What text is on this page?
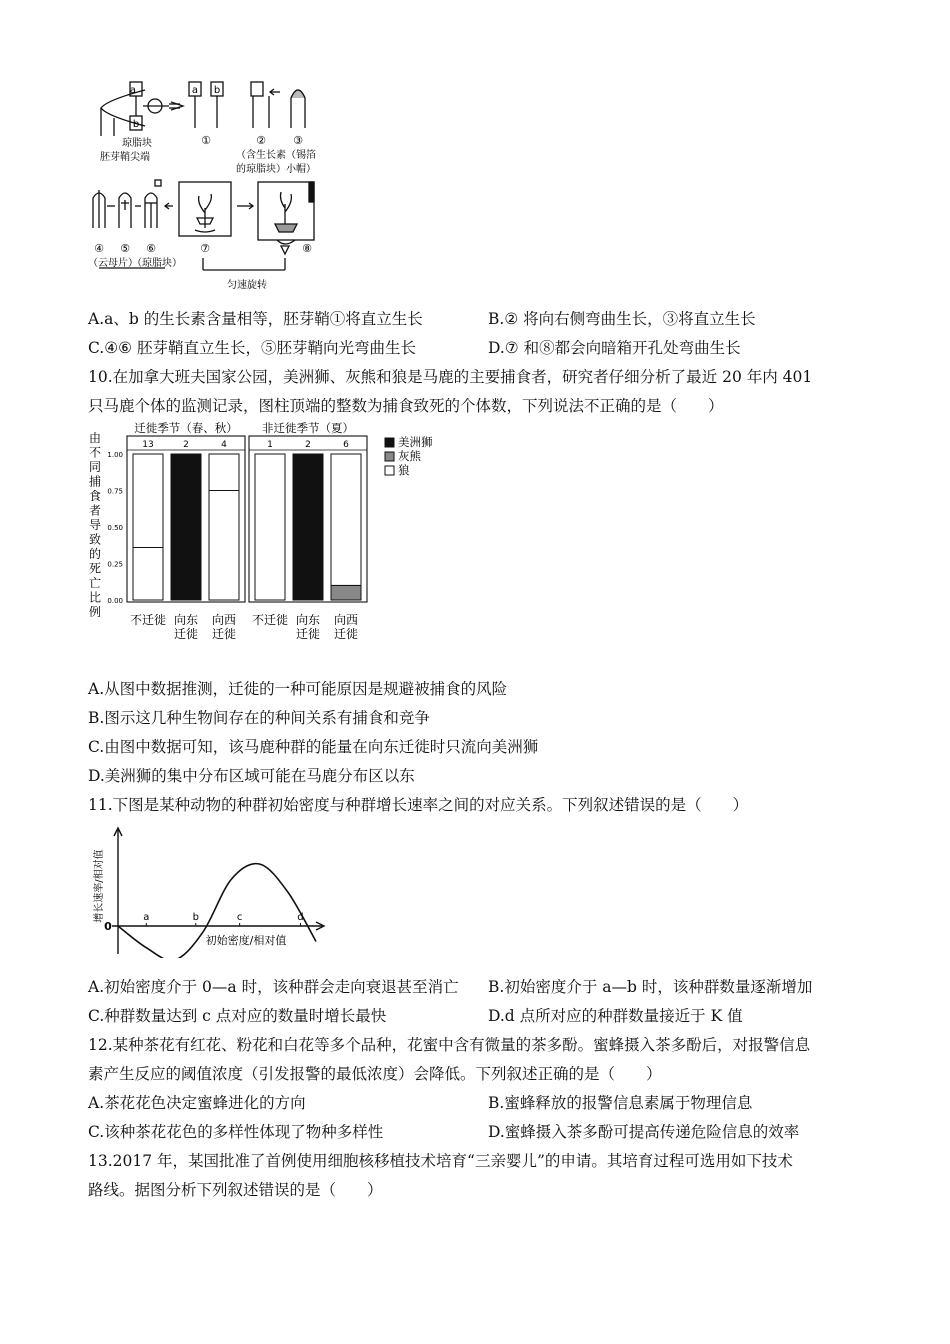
a
b
a b
琼脂块
胚芽鞘尖端
①	② ③
（含生长素
的琼脂块）
（锡箔
小帽）
④ ⑤ ⑥	⑦	⑧
（云母片）
（琼脂块）
匀速旋转
A.a、b 的生长素含量相等，胚芽鞘①将直立生长	B.② 将向右侧弯曲生长，③将直立生长
C.④⑥ 胚芽鞘直立生长，⑤胚芽鞘向光弯曲生长	D.⑦ 和⑧都会向暗箱开孔处弯曲生长
10.在加拿大班夫国家公园，美洲狮、灰熊和狼是马鹿的主要捕食者，研究者仔细分析了最近 20 年内 401
只马鹿个体的监测记录，图柱顶端的整数为捕食致死的个体数，下列说法不正确的是（　　）
由
不
同
捕
食
者
导
致
的
死
亡
比
例
0.00
0.25
0.50
0.75
1.00
迁徙季节（春、秋）
13
不迁徙
2
向东
迁徙
4
向西
迁徙
非迁徙季节（夏）
1
不迁徙
2
向东
迁徙
6
向西
迁徙
美洲狮
灰熊
狼
A.从图中数据推测，迁徙的一种可能原因是规避被捕食的风险
B.图示这几种生物间存在的种间关系有捕食和竞争
C.由图中数据可知，该马鹿种群的能量在向东迁徙时只流向美洲狮
D.美洲狮的集中分布区域可能在马鹿分布区以东
11.下图是某种动物的种群初始密度与种群增长速率之间的对应关系。下列叙述错误的是（　　）
0
a	b	c	d
初始密度/相对值
增长速率/相对值
A.初始密度介于 0—a 时，该种群会走向衰退甚至消亡 B.初始密度介于 a—b 时，该种群数量逐渐增加
C.种群数量达到 c 点对应的数量时增长最快	D.d 点所对应的种群数量接近于 K 值
12.某种茶花有红花、粉花和白花等多个品种，花蜜中含有微量的茶多酚。蜜蜂摄入茶多酚后，对报警信息
素产生反应的阈值浓度（引发报警的最低浓度）会降低。下列叙述正确的是（　　）
A.茶花花色决定蜜蜂进化的方向	B.蜜蜂释放的报警信息素属于物理信息
C.该种茶花花色的多样性体现了物种多样性	D.蜜蜂摄入茶多酚可提高传递危险信息的效率
13.2017 年，某国批准了首例使用细胞核移植技术培育“三亲婴儿”的申请。其培育过程可选用如下技术
路线。据图分析下列叙述错误的是（　　）
